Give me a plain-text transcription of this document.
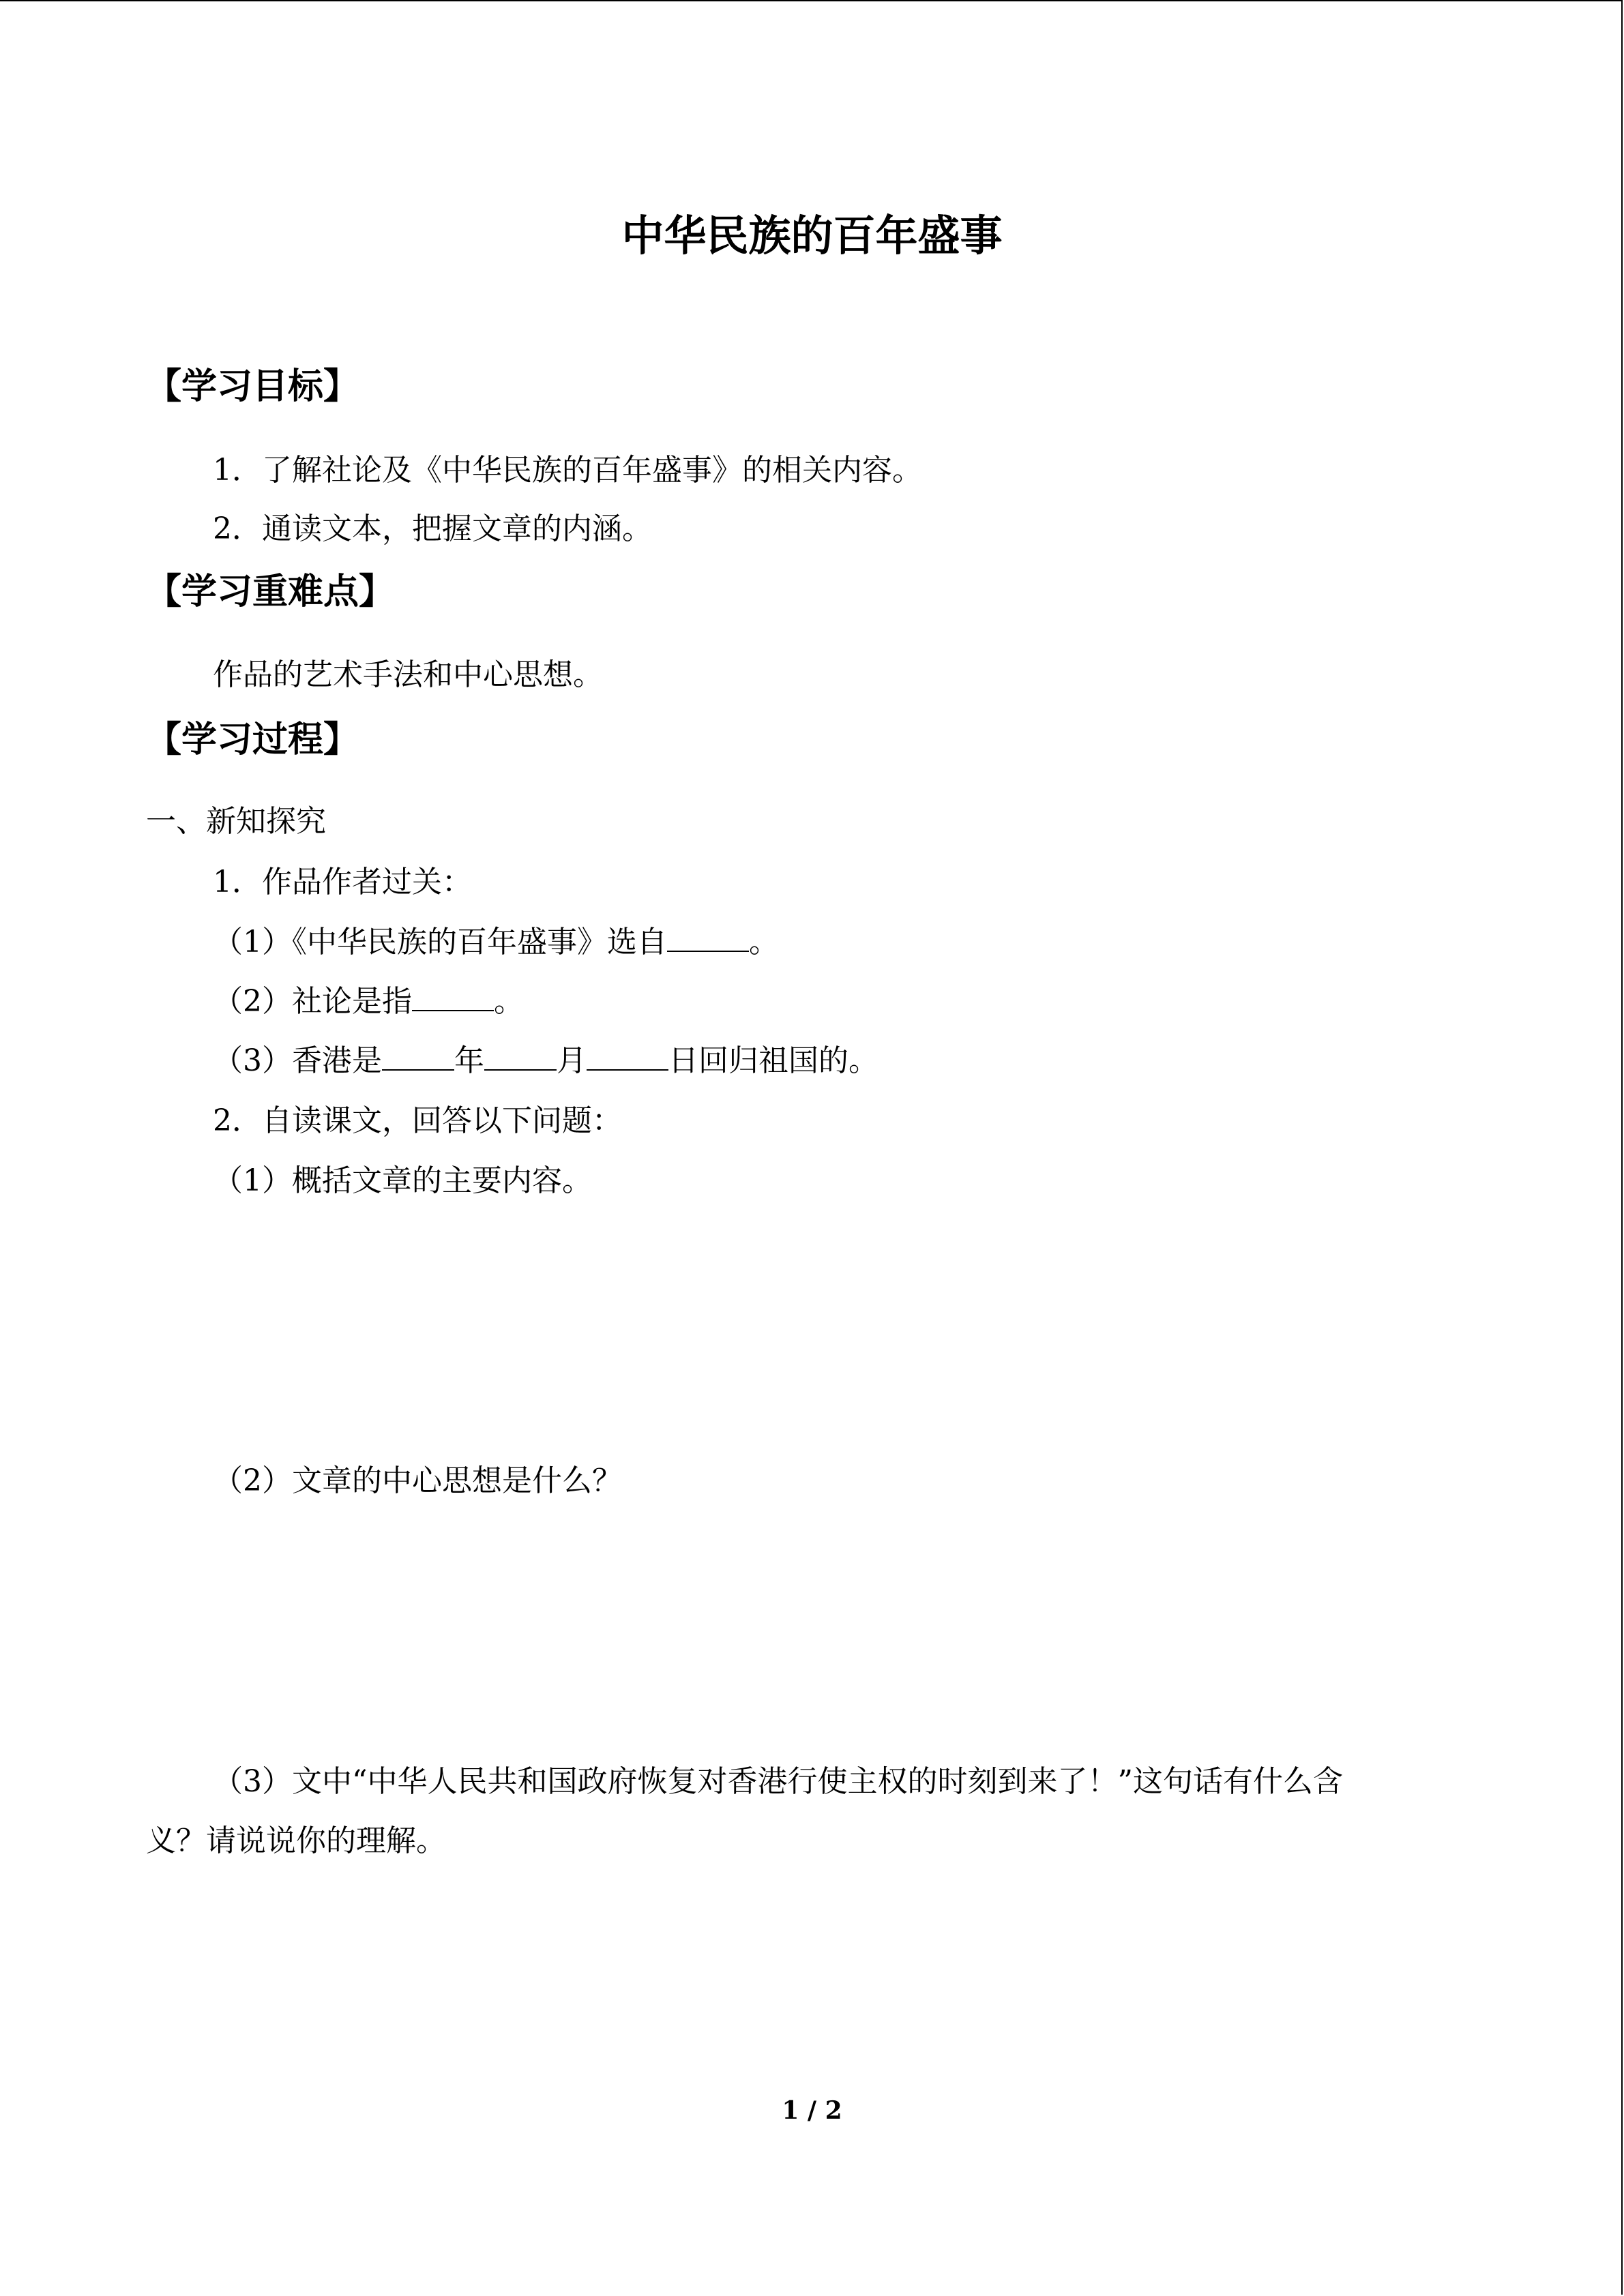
中华民族的百年盛事
【学习目标】
1．了解社论及《中华民族的百年盛事》的相关内容。
2．通读文本，把握文章的内涵。
【学习重难点】
作品的艺术手法和中心思想。
【学习过程】
一、新知探究
1．作品作者过关：
（1）《中华民族的百年盛事》选自	。
（2）社论是指	。
（3）香港是 年 月	日回归祖国的。
2．自读课文，回答以下问题：
（1）概括文章的主要内容。
（2）文章的中心思想是什么？
（3）文中“中华人民共和国政府恢复对香港行使主权的时刻到来了！”这句话有什么含
义？请说说你的理解。
1 / 2
